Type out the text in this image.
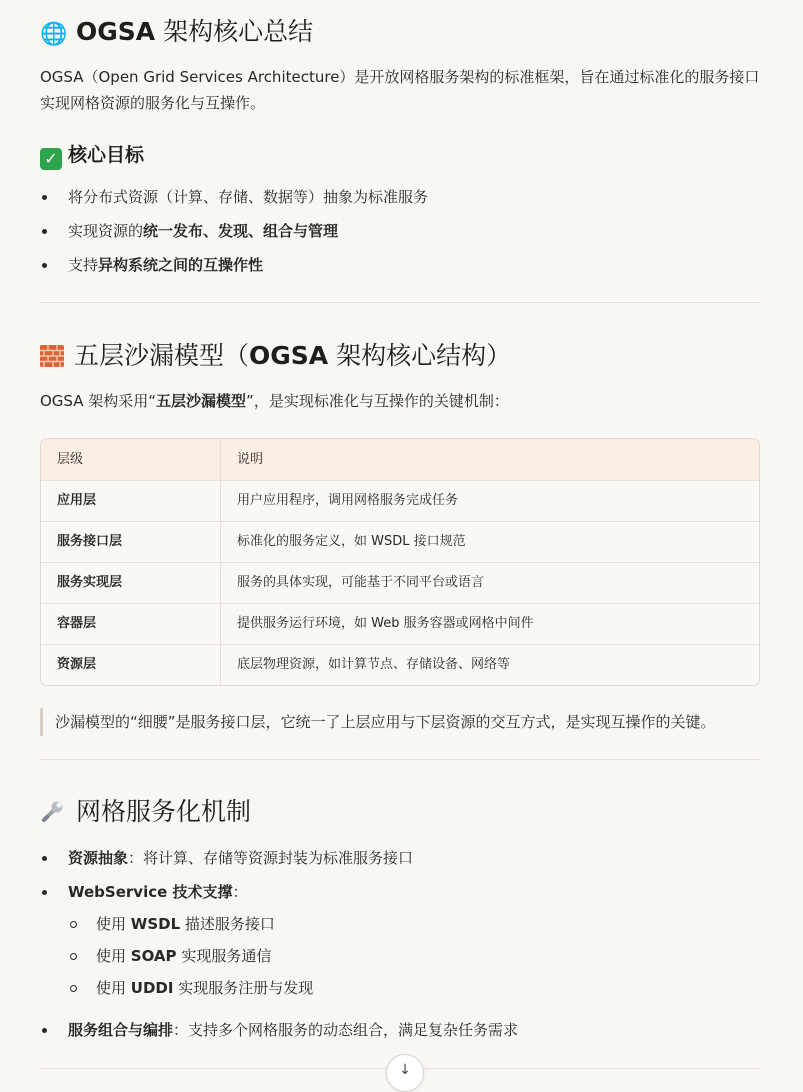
🌐 OGSA 架构核心总结
OGSA（Open Grid Services Architecture）是开放网格服务架构的标准框架，旨在通过标准化的服务接口实现网格资源的服务化与互操作。
✓ 核心目标
将分布式资源（计算、存储、数据等）抽象为标准服务
实现资源的统一发布、发现、组合与管理
支持异构系统之间的互操作性
五层沙漏模型（OGSA 架构核心结构）
OGSA 架构采用“五层沙漏模型”，是实现标准化与互操作的关键机制：
层级	说明
应用层	用户应用程序，调用网格服务完成任务
服务接口层	标准化的服务定义，如 WSDL 接口规范
服务实现层	服务的具体实现，可能基于不同平台或语言
容器层	提供服务运行环境，如 Web 服务容器或网格中间件
资源层	底层物理资源，如计算节点、存储设备、网络等
沙漏模型的“细腰”是服务接口层，它统一了上层应用与下层资源的交互方式，是实现互操作的关键。
网格服务化机制
资源抽象：将计算、存储等资源封装为标准服务接口
WebService 技术支撑：
使用 WSDL 描述服务接口
使用 SOAP 实现服务通信
使用 UDDI 实现服务注册与发现
服务组合与编排：支持多个网格服务的动态组合，满足复杂任务需求
↓
